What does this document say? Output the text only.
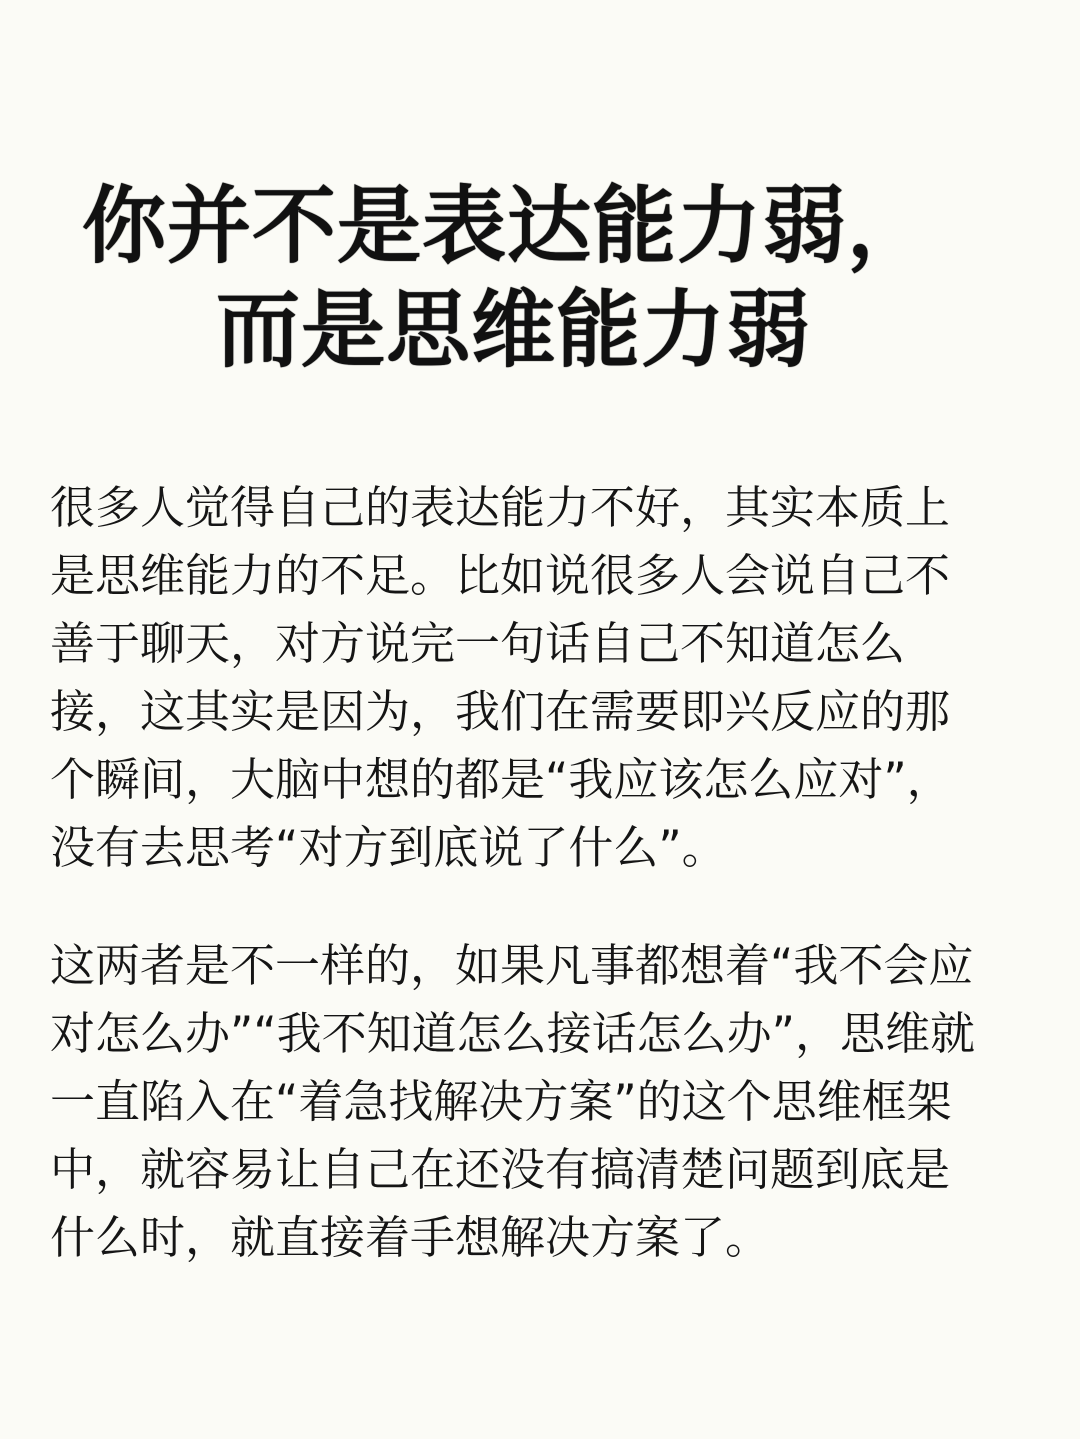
你并不是表达能力弱，
而是思维能力弱

很多人觉得自己的表达能力不好，其实本质上
是思维能力的不足。比如说很多人会说自己不
善于聊天，对方说完一句话自己不知道怎么
接，这其实是因为，我们在需要即兴反应的那
个瞬间，大脑中想的都是“我应该怎么应对”，
没有去思考“对方到底说了什么”。

这两者是不一样的，如果凡事都想着“我不会应
对怎么办”“我不知道怎么接话怎么办”，思维就
一直陷入在“着急找解决方案”的这个思维框架
中，就容易让自己在还没有搞清楚问题到底是
什么时，就直接着手想解决方案了。
